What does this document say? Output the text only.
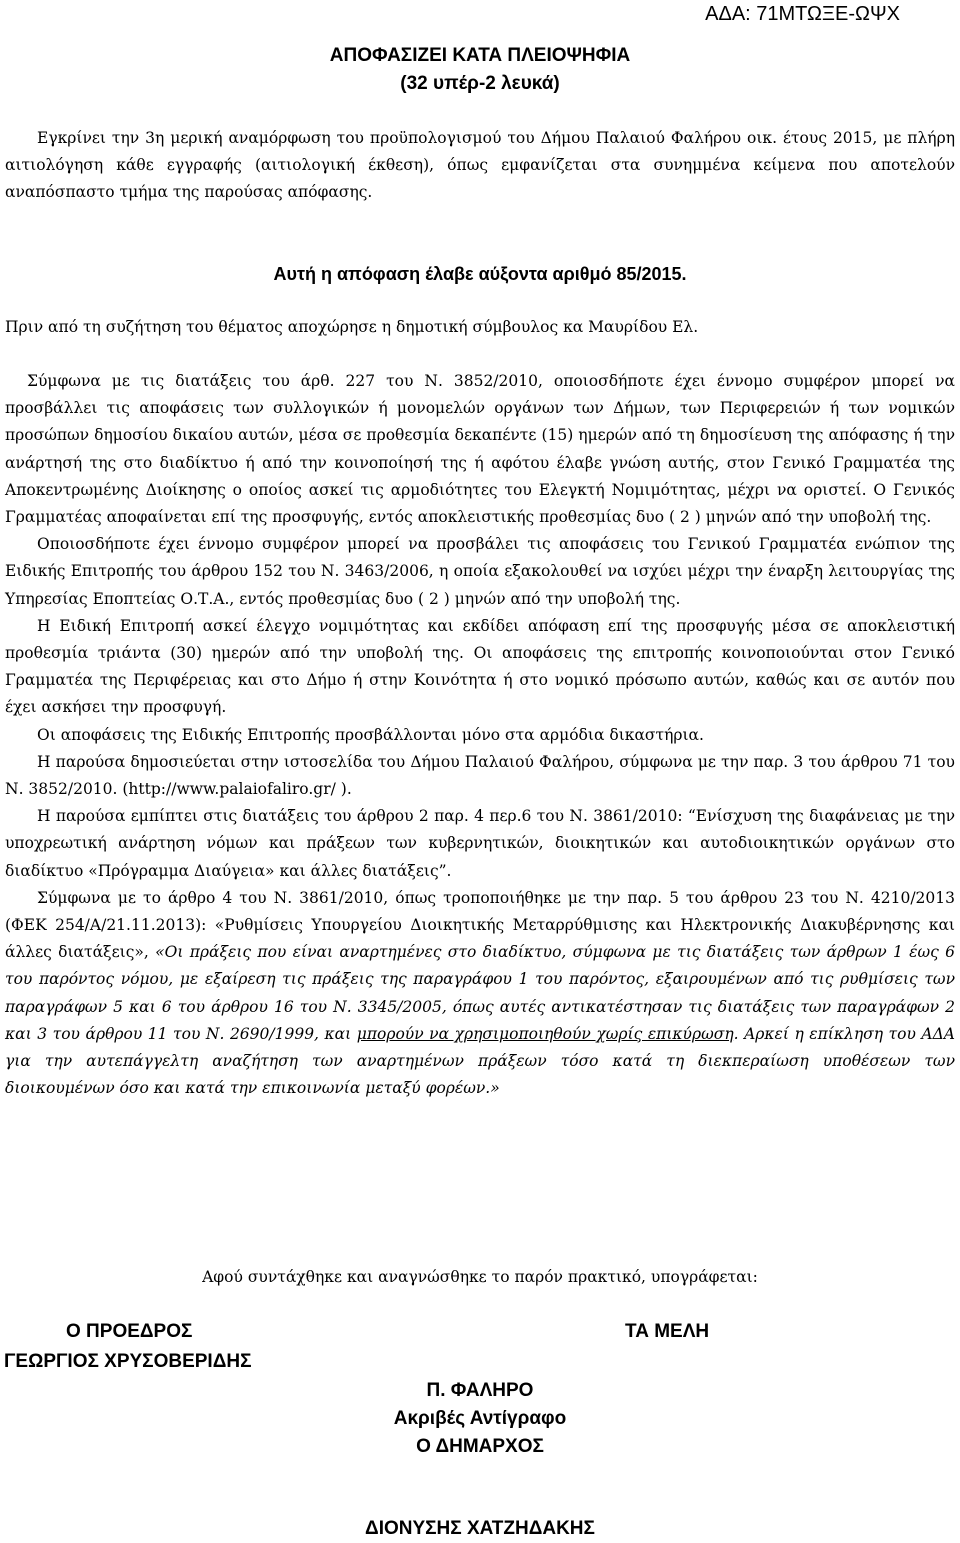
ΑΔΑ: 71ΜΤΩΞΕ-ΩΨΧ
ΑΠΟΦΑΣΙΖΕΙ ΚΑΤΑ ΠΛΕΙΟΨΗΦΙΑ
(32 υπέρ-2 λευκά)

Εγκρίνει την 3η μερική αναμόρφωση του προϋπολογισμού του Δήμου Παλαιού Φαλήρου οικ. έτους 2015, με πλήρη αιτιολόγηση κάθε εγγραφής (αιτιολογική έκθεση), όπως εμφανίζεται στα συνημμένα κείμενα που αποτελούν αναπόσπαστο τμήμα της παρούσας απόφασης.

Αυτή η απόφαση έλαβε αύξοντα αριθμό 85/2015.

Πριν από τη συζήτηση του θέματος αποχώρησε η δημοτική σύμβουλος κα Μαυρίδου Ελ.

Σύμφωνα με τις διατάξεις του άρθ. 227 του Ν. 3852/2010, οποιοσδήποτε έχει έννομο συμφέρον μπορεί να προσβάλλει τις αποφάσεις των συλλογικών ή μονομελών οργάνων των Δήμων, των Περιφερειών ή των νομικών προσώπων δημοσίου δικαίου αυτών, μέσα σε προθεσμία δεκαπέντε (15) ημερών από τη δημοσίευση της απόφασης ή την ανάρτησή της στο διαδίκτυο ή από την κοινοποίησή της ή αφότου έλαβε γνώση αυτής, στον Γενικό Γραμματέα της Αποκεντρωμένης Διοίκησης ο οποίος ασκεί τις αρμοδιότητες του Ελεγκτή Νομιμότητας, μέχρι να οριστεί. Ο Γενικός Γραμματέας αποφαίνεται επί της προσφυγής, εντός αποκλειστικής προθεσμίας δυο ( 2 ) μηνών από την υποβολή της.

Οποιοσδήποτε έχει έννομο συμφέρον μπορεί να προσβάλει τις αποφάσεις του Γενικού Γραμματέα ενώπιον της Ειδικής Επιτροπής του άρθρου 152 του Ν. 3463/2006, η οποία εξακολουθεί να ισχύει μέχρι την έναρξη λειτουργίας της Υπηρεσίας Εποπτείας Ο.Τ.Α., εντός προθεσμίας δυο ( 2 ) μηνών από την υποβολή της.

Η Ειδική Επιτροπή ασκεί έλεγχο νομιμότητας και εκδίδει απόφαση επί της προσφυγής μέσα σε αποκλειστική προθεσμία τριάντα (30) ημερών από την υποβολή της. Οι αποφάσεις της επιτροπής κοινοποιούνται στον Γενικό Γραμματέα της Περιφέρειας και στο Δήμο ή στην Κοινότητα ή στο νομικό πρόσωπο αυτών, καθώς και σε αυτόν που έχει ασκήσει την προσφυγή.

Οι αποφάσεις της Ειδικής Επιτροπής προσβάλλονται μόνο στα αρμόδια δικαστήρια.

Η παρούσα δημοσιεύεται στην ιστοσελίδα του Δήμου Παλαιού Φαλήρου, σύμφωνα με την παρ. 3 του άρθρου 71 του Ν. 3852/2010. (http://www.palaiofaliro.gr/ ).

Η παρούσα εμπίπτει στις διατάξεις του άρθρου 2 παρ. 4 περ.6 του Ν. 3861/2010: “Ενίσχυση της διαφάνειας με την υποχρεωτική ανάρτηση νόμων και πράξεων των κυβερνητικών, διοικητικών και αυτοδιοικητικών οργάνων στο διαδίκτυο «Πρόγραμμα Διαύγεια» και άλλες διατάξεις”.

Σύμφωνα με το άρθρο 4 του Ν. 3861/2010, όπως τροποποιήθηκε με την παρ. 5 του άρθρου 23 του Ν. 4210/2013 (ΦΕΚ 254/Α/21.11.2013): «Ρυθμίσεις Υπουργείου Διοικητικής Μεταρρύθμισης και Ηλεκτρονικής Διακυβέρνησης και άλλες διατάξεις», «Οι πράξεις που είναι αναρτημένες στο διαδίκτυο, σύμφωνα με τις διατάξεις των άρθρων 1 έως 6 του παρόντος νόμου, με εξαίρεση τις πράξεις της παραγράφου 1 του παρόντος, εξαιρουμένων από τις ρυθμίσεις των παραγράφων 5 και 6 του άρθρου 16 του Ν. 3345/2005, όπως αυτές αντικατέστησαν τις διατάξεις των παραγράφων 2 και 3 του άρθρου 11 του Ν. 2690/1999, και μπορούν να χρησιμοποιηθούν χωρίς επικύρωση. Αρκεί η επίκληση του ΑΔΑ για την αυτεπάγγελτη αναζήτηση των αναρτημένων πράξεων τόσο κατά τη διεκπεραίωση υποθέσεων των διοικουμένων όσο και κατά την επικοινωνία μεταξύ φορέων.»

Αφού συντάχθηκε και αναγνώσθηκε το παρόν πρακτικό, υπογράφεται:

Ο ΠΡΟΕΔΡΟΣ	ΤΑ ΜΕΛΗ
ΓΕΩΡΓΙΟΣ ΧΡΥΣΟΒΕΡΙΔΗΣ
Π. ΦΑΛΗΡΟ
Ακριβές Αντίγραφο
Ο ΔΗΜΑΡΧΟΣ
ΔΙΟΝΥΣΗΣ ΧΑΤΖΗΔΑΚΗΣ
